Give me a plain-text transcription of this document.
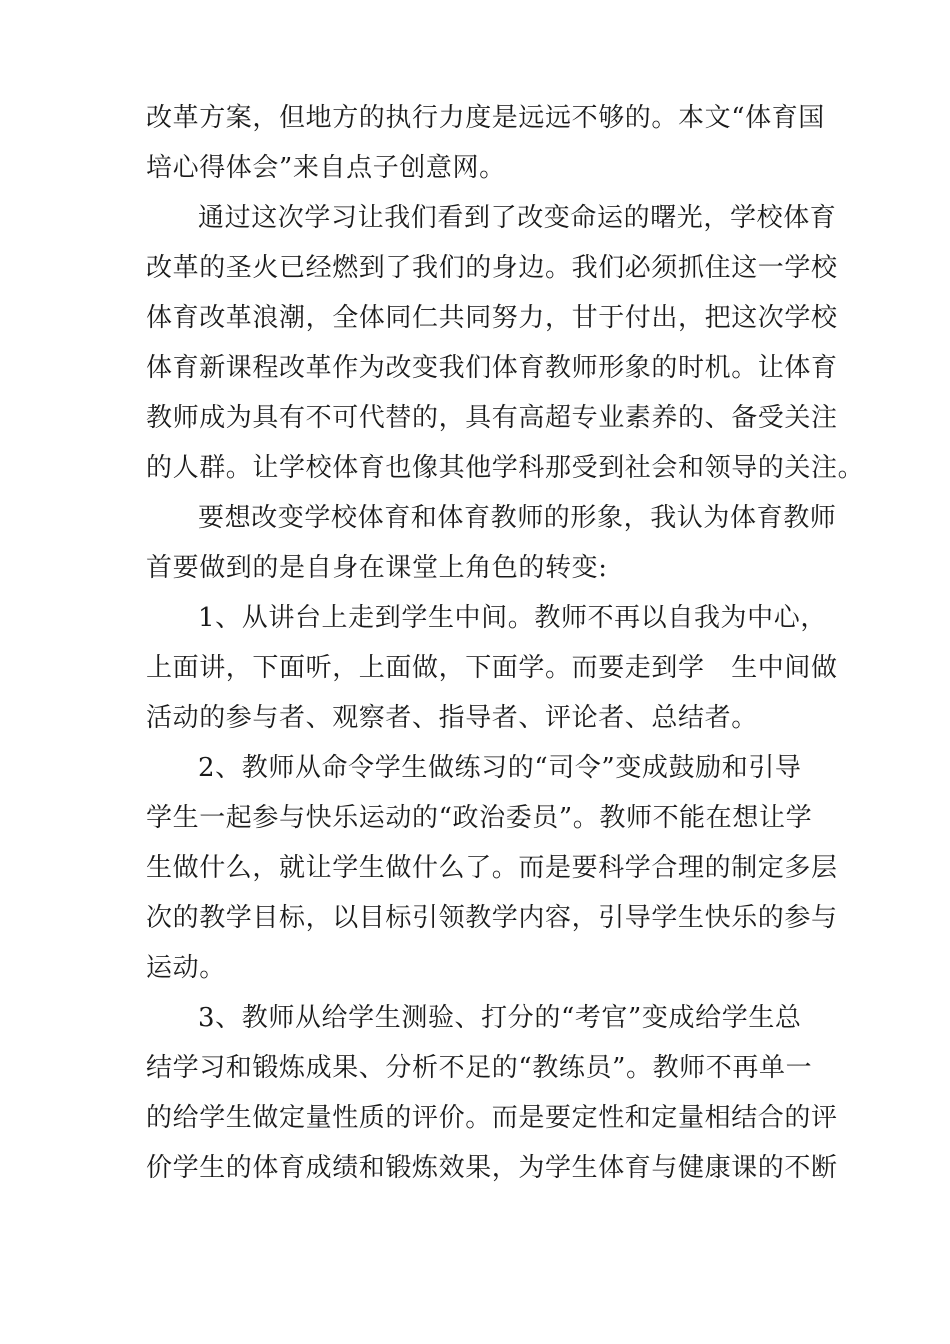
改革方案，但地方的执行力度是远远不够的。本文“体育国
培心得体会”来自点子创意网。
通过这次学习让我们看到了改变命运的曙光，学校体育
改革的圣火已经燃到了我们的身边。我们必须抓住这一学校
体育改革浪潮，全体同仁共同努力，甘于付出，把这次学校
体育新课程改革作为改变我们体育教师形象的时机。让体育
教师成为具有不可代替的，具有高超专业素养的、备受关注
的人群。让学校体育也像其他学科那受到社会和领导的关注。
要想改变学校体育和体育教师的形象，我认为体育教师
首要做到的是自身在课堂上角色的转变:
1、从讲台上走到学生中间。教师不再以自我为中心，
上面讲，下面听，上面做，下面学。而要走到学　生中间做
活动的参与者、观察者、指导者、评论者、总结者。
2、教师从命令学生做练习的“司令”变成鼓励和引导
学生一起参与快乐运动的“政治委员”。教师不能在想让学
生做什么，就让学生做什么了。而是要科学合理的制定多层
次的教学目标，以目标引领教学内容，引导学生快乐的参与
运动。
3、教师从给学生测验、打分的“考官”变成给学生总
结学习和锻炼成果、分析不足的“教练员”。教师不再单一
的给学生做定量性质的评价。而是要定性和定量相结合的评
价学生的体育成绩和锻炼效果，为学生体育与健康课的不断
